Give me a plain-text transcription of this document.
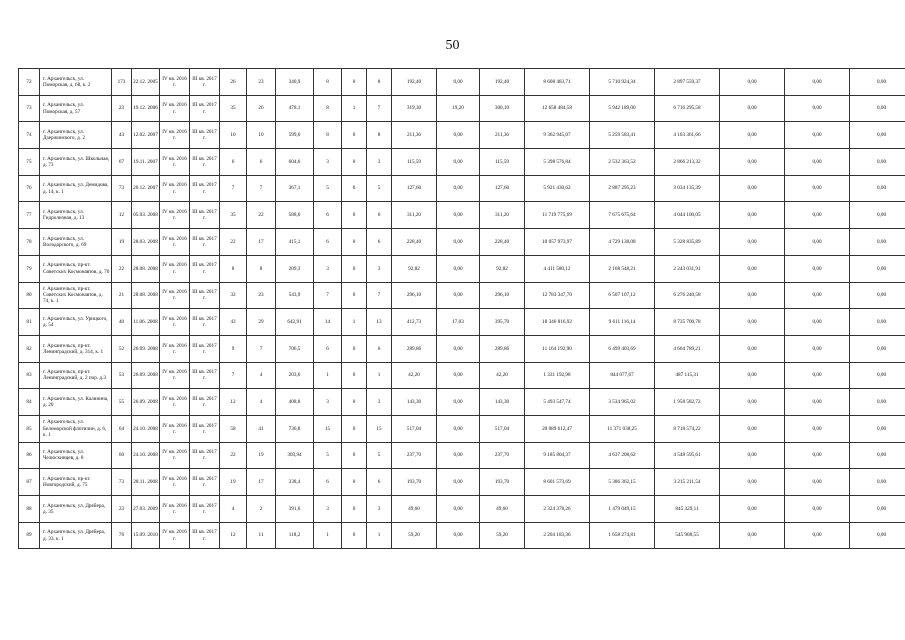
50
72	г. Архангельск, ул. Поморская, д. 68, к. 2	173	22.12. 2005	IV кв. 2016 г.	III кв. 2017 г.	26	23	340,9	8	0	8	192,40	0,00	192,40	8 608 483,71	5 710 924,34	2 897 559,37	0,00	0,00	0,00
73	г. Архангельск, ул. Поморская, д. 57	23	19.12. 2006	IV кв. 2016 г.	III кв. 2017 г.	35	26	478,1	8	1	7	319,30	19,20	300,10	12 658 484,58	5 942 189,00	6 716 295,58	0,00	0,00	0,00
74	г. Архангельск, ул. Дзержинского, д. 2	43	12.02. 2007	IV кв. 2016 г.	III кв. 2017 г.	10	10	599,6	8	0	8	211,36	0,00	211,36	9 362 945,07	5 259 583,41	4 103 361,66	0,00	0,00	0,00
75	г. Архангельск, ул. Школьная, д. 73	67	19.11. 2007	IV кв. 2016 г.	III кв. 2017 г.	6	6	604,6	3	0	3	115,59	0,00	115,59	5 398 576,84	2 532 363,52	2 866 213,32	0,00	0,00	0,00
76	г. Архангельск, ул. Демидова, д. 14, к. 1	73	20.12. 2007	IV кв. 2016 г.	III кв. 2017 г.	7	7	367,1	5	0	5	127,60	0,00	127,60	5 921 430,62	2 887 295,23	3 034 135,39	0,00	0,00	0,00
77	г. Архангельск, ул. Гидролизная, д. 13	12	05.03. 2008	IV кв. 2016 г.	III кв. 2017 г.	35	22	588,6	6	0	6	311,20	0,00	311,20	11 719 775,69	7 675 675,64	4 044 100,05	0,00	0,00	0,00
78	г. Архангельск, ул. Володарского, д. 69	19	28.03. 2008	IV кв. 2016 г.	III кв. 2017 г.	22	17	415,1	6	0	6	228,40	0,00	228,40	10 057 973,97	4 729 138,08	5 328 835,89	0,00	0,00	0,00
79	г. Архангельск, пр-кт. Советских Космонавтов, д. 70	22	28.08. 2008	IV кв. 2016 г.	III кв. 2017 г.	8	8	209,3	3	0	3	92,82	0,00	92,82	4 411 580,12	2 168 548,21	2 243 031,91	0,00	0,00	0,00
80	г. Архангельск, пр-кт. Советских Космонавтов, д. 74, к. 1	21	28.08. 2008	IV кв. 2016 г.	III кв. 2017 г.	32	23	543,9	7	0	7	296,10	0,00	296,10	12 783 347,70	6 507 107,12	6 276 240,58	0,00	0,00	0,00
81	г. Архангельск, ул. Урицкого, д. 54	40	11.06. 2008	IV кв. 2016 г.	III кв. 2017 г.	43	29	642,91	14	1	13	412,73	17,03	395,70	18 346 816,92	9 611 116,14	8 735 700,78	0,00	0,00	0,00
82	г. Архангельск, пр-кт. Ленинградский, д. 314, к. 1	52	26.09. 2008	IV кв. 2016 г.	III кв. 2017 г.	9	7	706,5	6	0	6	289,86	0,00	289,86	11 164 192,90	6 499 403,69	4 664 789,21	0,00	0,00	0,00
83	г. Архангельск, пр-кт. Ленинградский, д. 2 пор. д.3	53	26.09. 2008	IV кв. 2016 г.	III кв. 2017 г.	7	4	203,6	1	0	1	42,20	0,00	42,20	1 331 192,98	844 077,67	487 115,31	0,00	0,00	0,00
84	г. Архангельск, ул. Калинина, д. 20	55	26.09. 2008	IV кв. 2016 г.	III кв. 2017 г.	12	4	408,8	3	0	3	143,30	0,00	143,30	5 493 547,74	3 534 965,02	1 958 582,72	0,00	0,00	0,00
85	г. Архангельск, ул. Беломорской флотилии, д. 6, к. 1	64	24.10. 2008	IV кв. 2016 г.	III кв. 2017 г.	58	41	736,8	15	0	15	517,04	0,00	517,04	20 089 612,47	11 371 038,25	8 718 574,22	0,00	0,00	0,00
86	г. Архангельск, ул. Челюскинцев, д. 8	60	24.10. 2008	IV кв. 2016 г.	III кв. 2017 г.	22	19	303,94	5	0	5	237,70	0,00	237,70	9 185 804,37	4 637 208,62	4 548 595,61	0,00	0,00	0,00
87	г. Архангельск, пр-кт. Новгородский, д. 75	73	28.11. 2008	IV кв. 2016 г.	III кв. 2017 г.	19	17	338,4	6	0	6	193,70	0,00	193,70	8 601 573,69	5 386 362,15	3 215 211,54	0,00	0,00	0,00
88	г. Архангельск, ул. Дрейера, д. 35	23	27.03. 2009	IV кв. 2016 г.	III кв. 2017 г.	4	2	391,6	3	0	3	49,60	0,00	49,60	2 324 378,26	1 479 049,15	845 329,11	0,00	0,00	0,00
89	г. Архангельск, ул. Дрейера, д. 33, к. 1	76	15.09. 2010	IV кв. 2016 г.	III кв. 2017 г.	12	11	118,2	1	0	1	59,20	0,00	59,20	2 204 183,36	1 658 274,81	545 908,55	0,00	0,00	0,00
